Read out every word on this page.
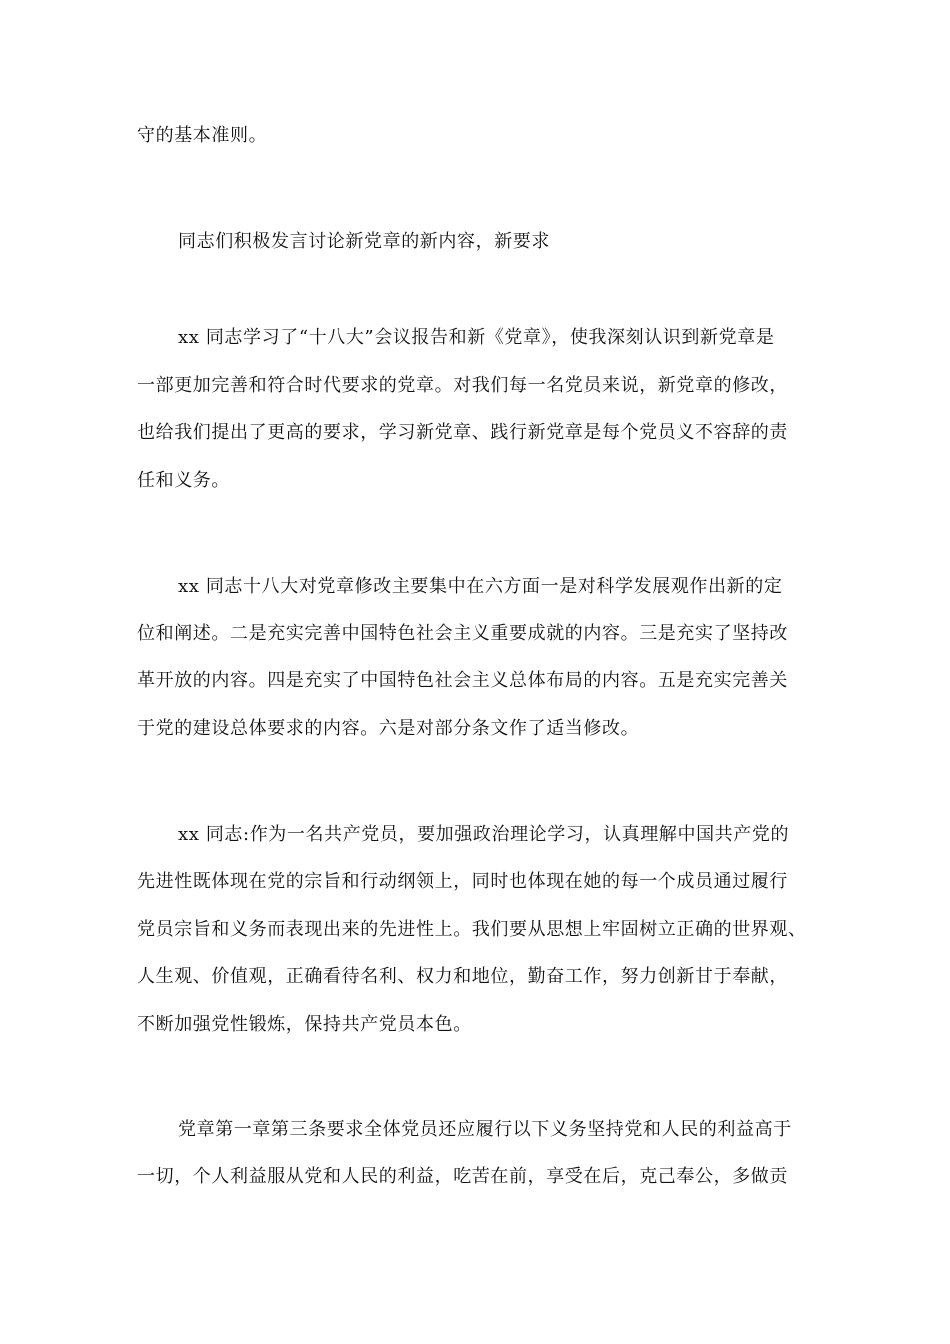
守的基本准则。
同志们积极发言讨论新党章的新内容，新要求
xx 同志学习了“十八大”会议报告和新《党章》，使我深刻认识到新党章是
一部更加完善和符合时代要求的党章。对我们每一名党员来说，新党章的修改，
也给我们提出了更高的要求，学习新党章、践行新党章是每个党员义不容辞的责
任和义务。
xx 同志十八大对党章修改主要集中在六方面一是对科学发展观作出新的定
位和阐述。二是充实完善中国特色社会主义重要成就的内容。三是充实了坚持改
革开放的内容。四是充实了中国特色社会主义总体布局的内容。五是充实完善关
于党的建设总体要求的内容。六是对部分条文作了适当修改。
xx 同志:作为一名共产党员，要加强政治理论学习，认真理解中国共产党的
先进性既体现在党的宗旨和行动纲领上，同时也体现在她的每一个成员通过履行
党员宗旨和义务而表现出来的先进性上。我们要从思想上牢固树立正确的世界观、
人生观、价值观，正确看待名利、权力和地位，勤奋工作，努力创新甘于奉献，
不断加强党性锻炼，保持共产党员本色。
党章第一章第三条要求全体党员还应履行以下义务坚持党和人民的利益高于
一切，个人利益服从党和人民的利益，吃苦在前，享受在后，克己奉公，多做贡
